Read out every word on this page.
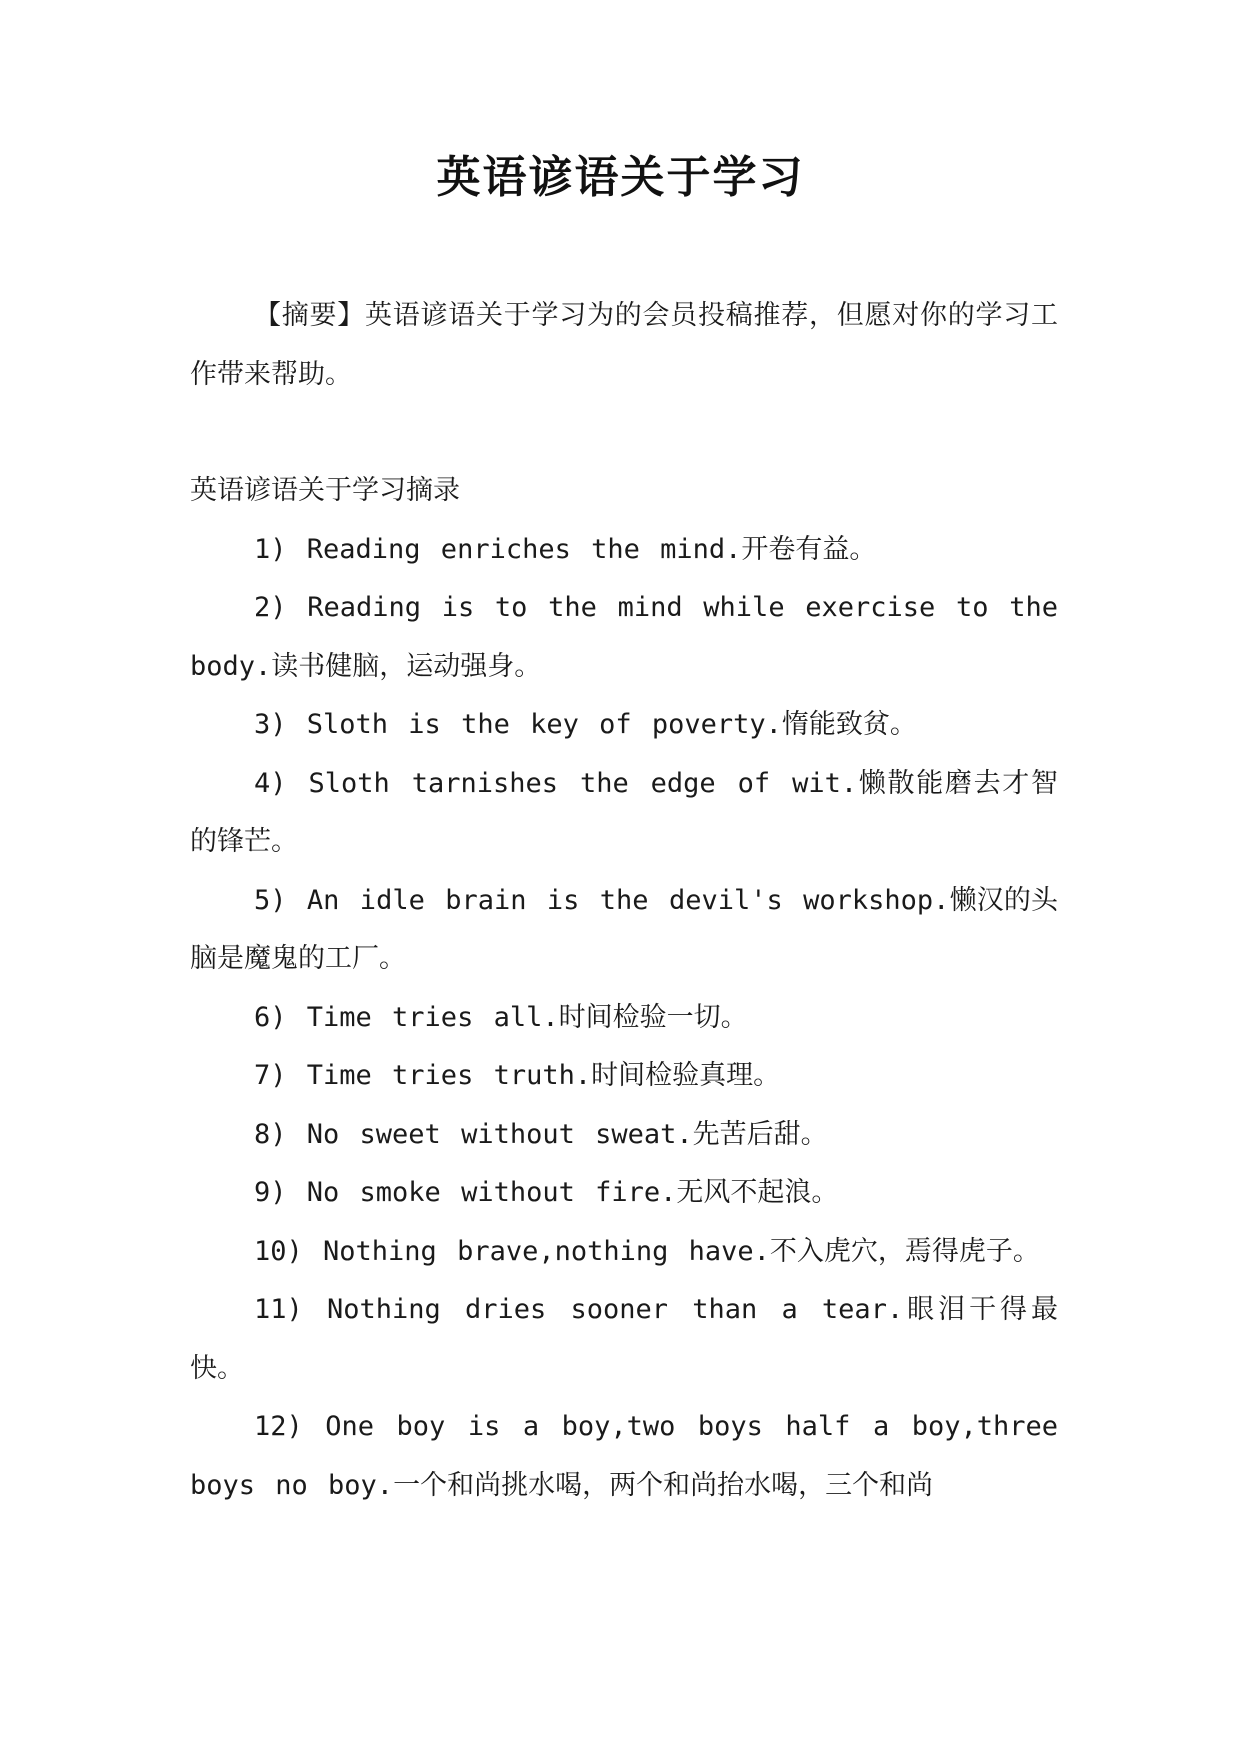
英语谚语关于学习

【摘要】英语谚语关于学习为的会员投稿推荐，但愿对你的学习工作带来帮助。

英语谚语关于学习摘录

1) Reading enriches the mind.开卷有益。

2) Reading is to the mind while exercise to the body.读书健脑，运动强身。

3) Sloth is the key of poverty.惰能致贫。

4) Sloth tarnishes the edge of wit.懒散能磨去才智的锋芒。

5) An idle brain is the devil's workshop.懒汉的头脑是魔鬼的工厂。

6) Time tries all.时间检验一切。

7) Time tries truth.时间检验真理。

8) No sweet without sweat.先苦后甜。

9) No smoke without fire.无风不起浪。

10) Nothing brave,nothing have.不入虎穴，焉得虎子。

11) Nothing dries sooner than a tear.眼泪干得最快。

12) One boy is a boy,two boys half a boy,three boys no boy.一个和尚挑水喝，两个和尚抬水喝，三个和尚
